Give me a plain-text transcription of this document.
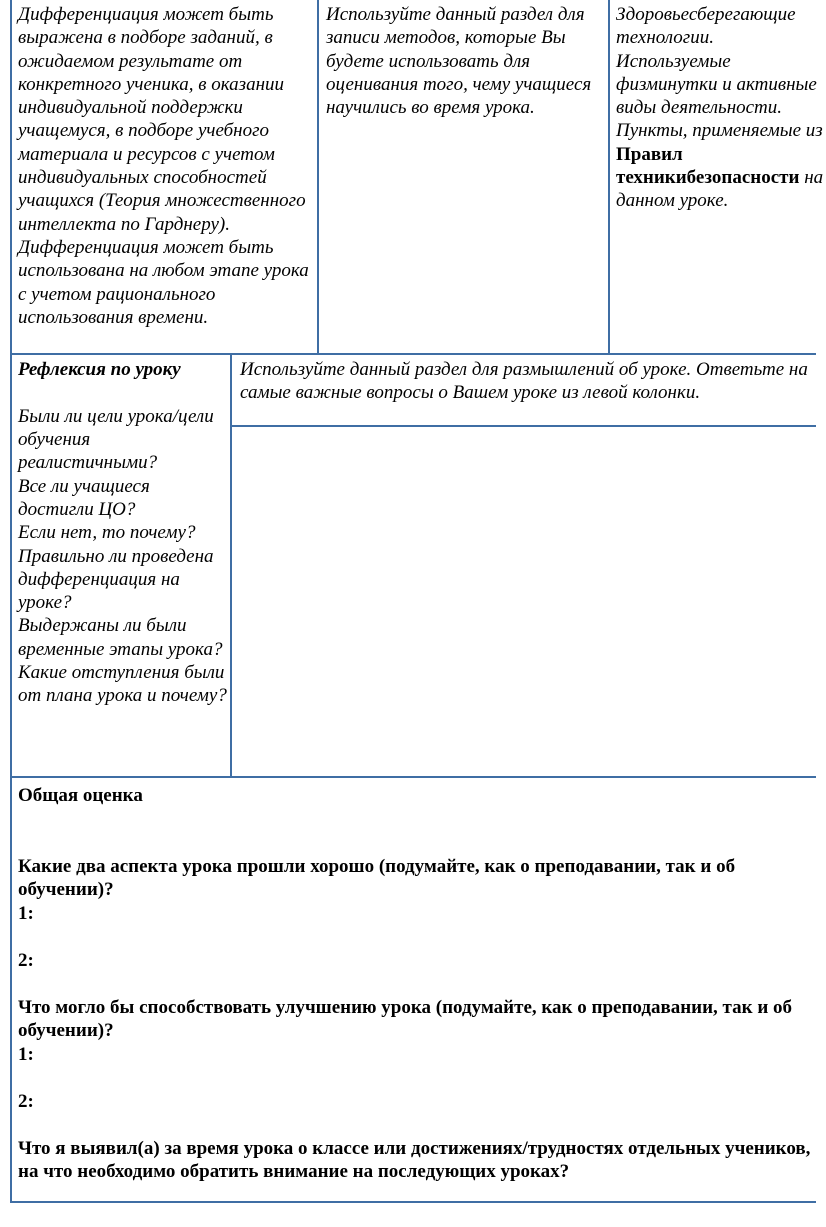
Дифференциация может быть выражена в подборе заданий, в ожидаемом результате от конкретного ученика, в оказании индивидуальной поддержки учащемуся, в подборе учебного материала и ресурсов с учетом индивидуальных способностей учащихся (Теория множественного интеллекта по Гарднеру).
Дифференциация может быть использована на любом этапе урока с учетом рационального использования времени.
Используйте данный раздел для записи методов, которые Вы будете использовать для оценивания того, чему учащиеся научились во время урока.
Здоровьесберегающие технологии.
Используемые физминутки и активные виды деятельности.
Пункты, применяемые из Правил техникибезопасности на данном уроке.
Рефлексия по уроку
Были ли цели урока/цели обучения реалистичными?
Все ли учащиеся достигли ЦО?
Если нет, то почему?
Правильно ли проведена дифференциация на уроке?
Выдержаны ли были временные этапы урока?
Какие отступления были от плана урока и почему?
Используйте данный раздел для размышлений об уроке. Ответьте на самые важные вопросы о Вашем уроке из левой колонки.
Общая оценка
Какие два аспекта урока прошли хорошо (подумайте, как о преподавании, так и об обучении)?
1:
2:
Что могло бы способствовать улучшению урока (подумайте, как о преподавании, так и об обучении)?
1:
2:
Что я выявил(а) за время урока о классе или достижениях/трудностях отдельных учеников, на что необходимо обратить внимание на последующих уроках?
